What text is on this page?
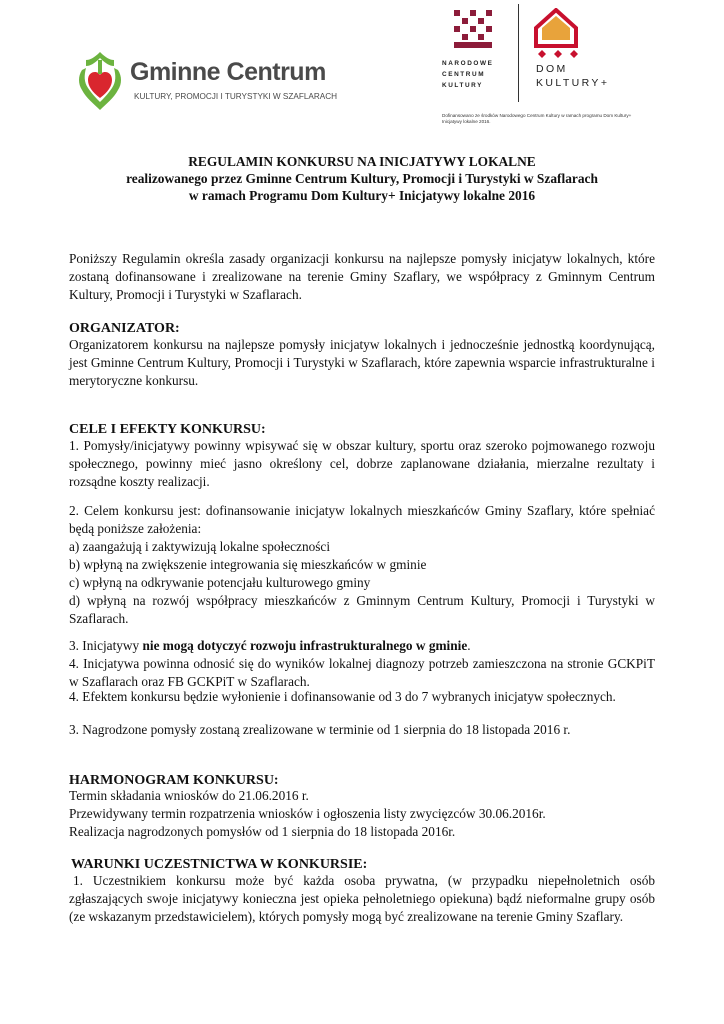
Gminne Centrum
KULTURY, PROMOCJI I TURYSTYKI W SZAFLARACH
NARODOWE
CENTRUM
KULTURY
DOM
KULTURY+
Dofinansowano ze środków Narodowego Centrum Kultury w ramach programu Dom Kultury+ Inicjatywy lokalne 2016.
REGULAMIN KONKURSU NA INICJATYWY LOKALNE
realizowanego przez Gminne Centrum Kultury, Promocji i Turystyki w Szaflarach
w ramach Programu Dom Kultury+ Inicjatywy lokalne 2016
Poniższy Regulamin określa zasady organizacji konkursu na najlepsze pomysły inicjatyw lokalnych, które zostaną dofinansowane i zrealizowane na terenie Gminy Szaflary, we współpracy z Gminnym Centrum Kultury, Promocji i Turystyki w Szaflarach.
ORGANIZATOR:
Organizatorem konkursu na najlepsze pomysły inicjatyw lokalnych i jednocześnie jednostką koordynującą, jest Gminne Centrum Kultury, Promocji i Turystyki w Szaflarach, które zapewnia wsparcie infrastrukturalne i merytoryczne konkursu.
CELE I EFEKTY KONKURSU:
1. Pomysły/inicjatywy powinny wpisywać się w obszar kultury, sportu oraz szeroko pojmowanego rozwoju społecznego, powinny mieć jasno określony cel, dobrze zaplanowane działania, mierzalne rezultaty i rozsądne koszty realizacji.
2. Celem konkursu jest: dofinansowanie inicjatyw lokalnych mieszkańców Gminy Szaflary, które spełniać będą poniższe założenia:
a) zaangażują i zaktywizują lokalne społeczności
b) wpłyną na zwiększenie integrowania się mieszkańców w gminie
c) wpłyną na odkrywanie potencjału kulturowego gminy
d) wpłyną na rozwój współpracy mieszkańców z Gminnym Centrum Kultury, Promocji i Turystyki w Szaflarach.
3. Inicjatywy nie mogą dotyczyć rozwoju infrastrukturalnego w gminie.
4. Inicjatywa powinna odnosić się do wyników lokalnej diagnozy potrzeb zamieszczona na stronie GCKPiT w Szaflarach oraz FB GCKPiT w Szaflarach.
4. Efektem konkursu będzie wyłonienie i dofinansowanie od 3 do 7 wybranych inicjatyw społecznych.
3. Nagrodzone pomysły zostaną zrealizowane w terminie od 1 sierpnia do 18 listopada 2016 r.
HARMONOGRAM KONKURSU:
Termin składania wniosków do 21.06.2016 r.
Przewidywany termin rozpatrzenia wniosków i ogłoszenia listy zwycięzców 30.06.2016r.
Realizacja nagrodzonych pomysłów od 1 sierpnia do 18 listopada 2016r.
WARUNKI UCZESTNICTWA W KONKURSIE:
1. Uczestnikiem konkursu może być każda osoba prywatna, (w przypadku niepełnoletnich osób zgłaszających swoje inicjatywy konieczna jest opieka pełnoletniego opiekuna) bądź nieformalne grupy osób (ze wskazanym przedstawicielem), których pomysły mogą być zrealizowane na terenie Gminy Szaflary.
